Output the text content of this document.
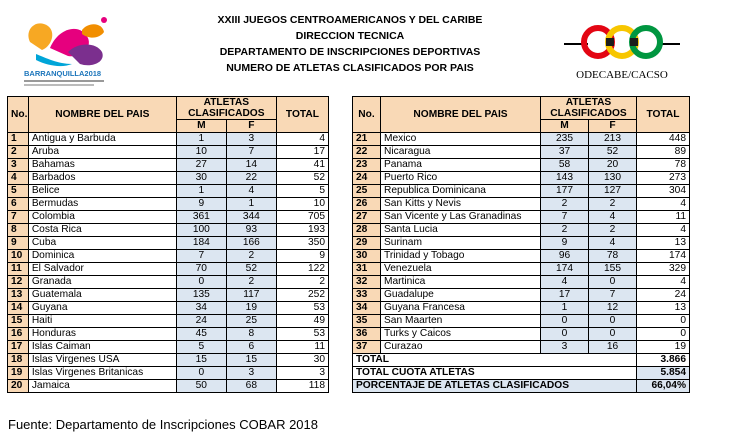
BARRANQUILLA2018
XXIII JUEGOS CENTROAMERICANOS Y DEL CARIBE
DIRECCION TECNICA
DEPARTAMENTO DE INSCRIPCIONES DEPORTIVAS
NUMERO DE ATLETAS CLASIFICADOS POR PAIS
ODECABE/CACSO
No.	NOMBRE DEL PAIS	ATLETAS CLASIFICADOS		TOTAL
		M	F	
1	Antigua y Barbuda	1	3	4
2	Aruba	10	7	17
3	Bahamas	27	14	41
4	Barbados	30	22	52
5	Belice	1	4	5
6	Bermudas	9	1	10
7	Colombia	361	344	705
8	Costa Rica	100	93	193
9	Cuba	184	166	350
10	Dominica	7	2	9
11	El Salvador	70	52	122
12	Granada	0	2	2
13	Guatemala	135	117	252
14	Guyana	34	19	53
15	Haiti	24	25	49
16	Honduras	45	8	53
17	Islas Caiman	5	6	11
18	Islas Virgenes USA	15	15	30
19	Islas Virgenes Britanicas	0	3	3
20	Jamaica	50	68	118
No.	NOMBRE DEL PAIS	ATLETAS CLASIFICADOS		TOTAL
		M	F	
21	Mexico	235	213	448
22	Nicaragua	37	52	89
23	Panama	58	20	78
24	Puerto Rico	143	130	273
25	Republica Dominicana	177	127	304
26	San Kitts y Nevis	2	2	4
27	San Vicente y Las Granadinas	7	4	11
28	Santa Lucia	2	2	4
29	Surinam	9	4	13
30	Trinidad y Tobago	96	78	174
31	Venezuela	174	155	329
32	Martinica	4	0	4
33	Guadalupe	17	7	24
34	Guyana Francesa	1	12	13
35	San Maarten	0	0	0
36	Turks y Caicos	0	0	0
37	Curazao	3	16	19
TOTAL				3.866
TOTAL CUOTA ATLETAS				5.854
PORCENTAJE DE ATLETAS CLASIFICADOS				66,04%
Fuente: Departamento de Inscripciones COBAR 2018
